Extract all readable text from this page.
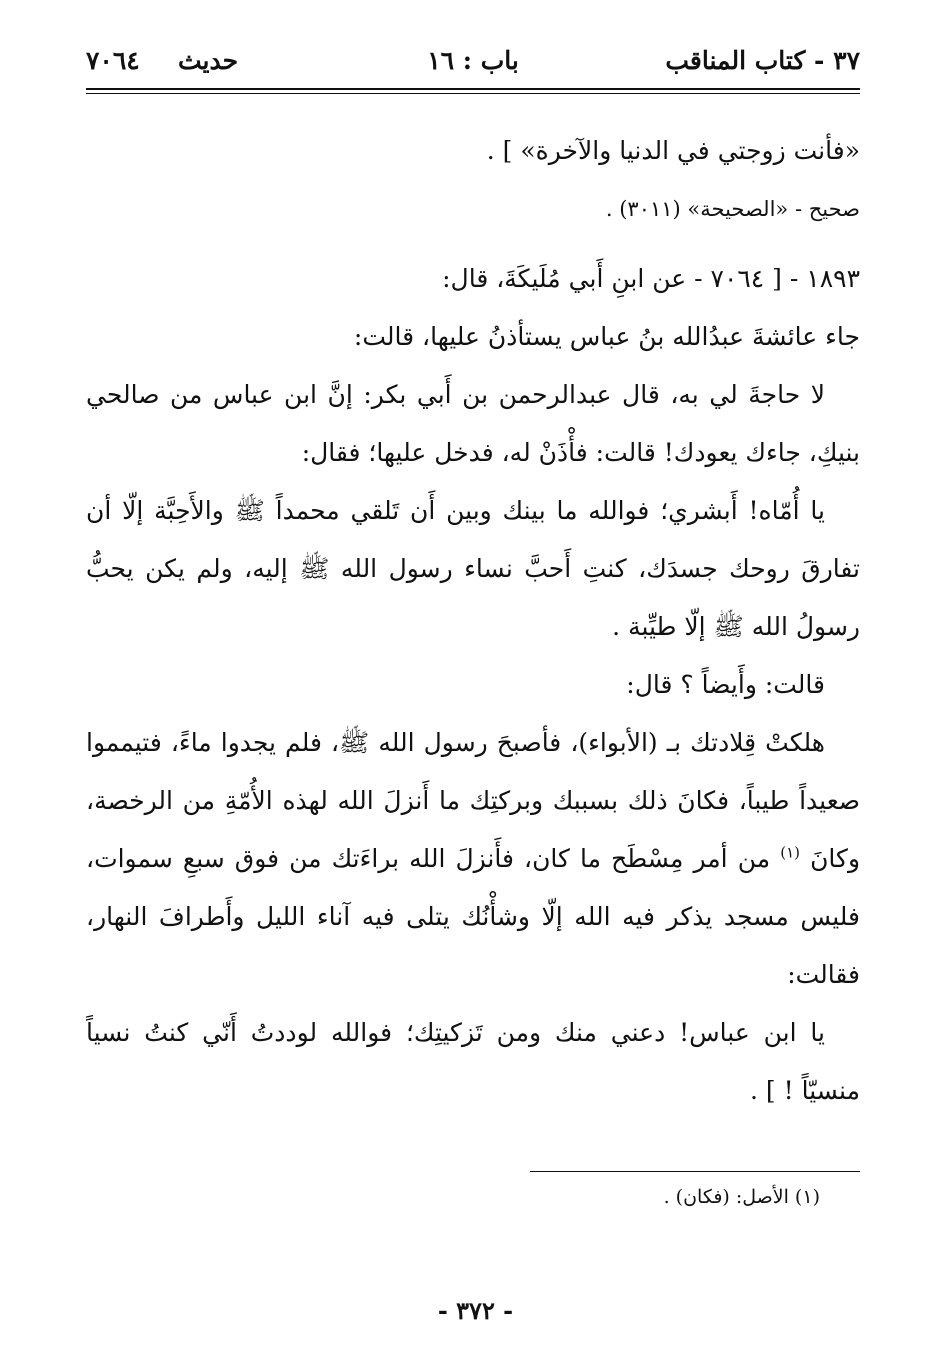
٣٧ - كتاب المناقب
باب : ١٦
حديث
٧٠٦٤

«فأنت زوجتي في الدنيا والآخرة» ] .

صحيح - «الصحيحة» (٣٠١١) .

١٨٩٣ - [ ٧٠٦٤ - عن ابنِ أَبي مُلَيكَةَ، قال:

جاء عائشةَ عبدُالله بنُ عباس يستأذنُ عليها، قالت:

لا حاجةَ لي به، قال عبدالرحمن بن أَبي بكر: إنَّ ابن عباس من صالحي بنيكِ، جاءك يعودك! قالت: فأْذَنْ له، فدخل عليها؛ فقال:

يا أُمّاه! أَبشري؛ فوالله ما بينك وبين أَن تَلقي محمداً ﷺ والأَحِبَّة إلّا أن تفارقَ روحك جسدَك، كنتِ أَحبَّ نساء رسول الله ﷺ إليه، ولم يكن يحبُّ رسولُ الله ﷺ إلّا طيِّبة .

قالت: وأَيضاً ؟ قال:

هلكتْ قِلادتك بـ (الأبواء)، فأصبحَ رسول الله ﷺ، فلم يجدوا ماءً، فتيمموا صعيداً طيباً، فكانَ ذلك بسببك وبركتِك ما أَنزلَ الله لهذه الأُمّةِ من الرخصة، وكانَ $^{(١)}$ من أمر مِسْطَح ما كان، فأَنزلَ الله براءَتك من فوق سبعِ سموات، فليس مسجد يذكر فيه الله إلّا وشأْنُك يتلى فيه آناء الليل وأَطرافَ النهار، فقالت:

يا ابن عباس! دعني منك ومن تَزكيتِك؛ فوالله لوددتُ أَنّي كنتُ نسياً منسيّاً ! ] .

(١) الأصل: (فكان) .
- ٣٧٢ -
